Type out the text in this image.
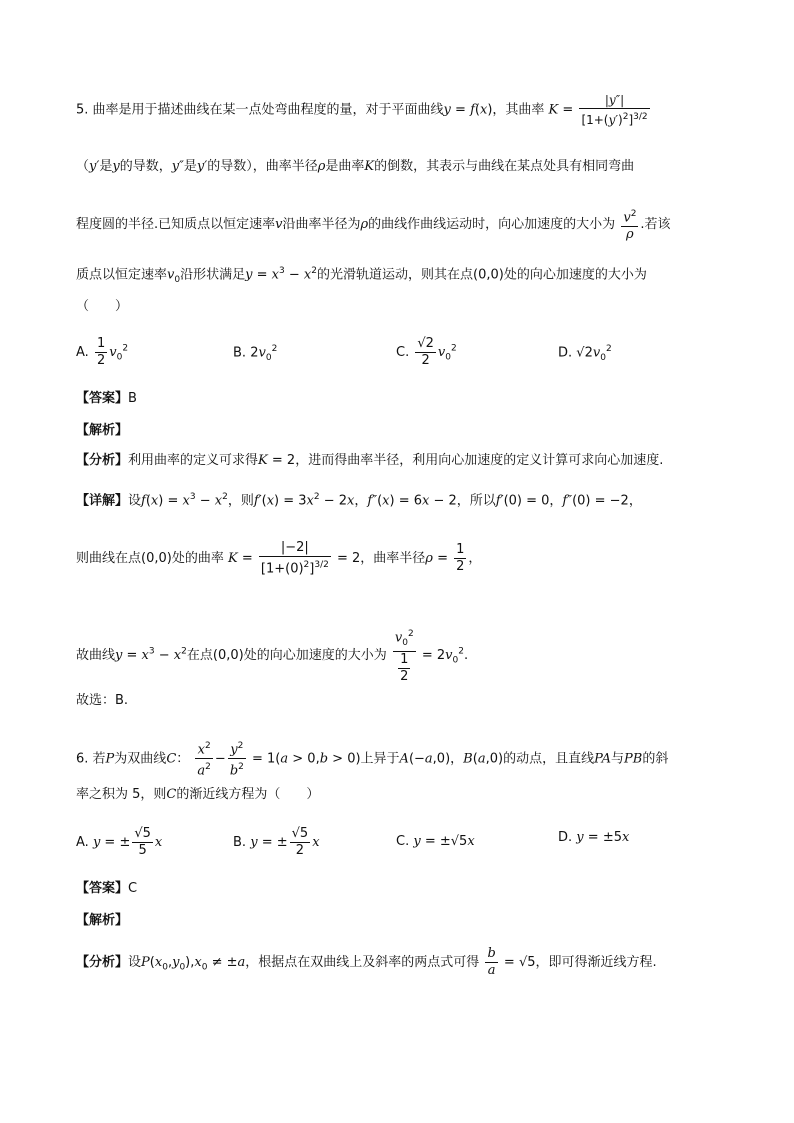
5. 曲率是用于描述曲线在某一点处弯曲程度的量，对于平面曲线y = f(x)，其曲率 $K = \frac{|y''|}{[1+(y')^2]^{3/2}}$
（y′是y的导数，y″是y′的导数），曲率半径ρ是曲率K的倒数，其表示与曲线在某点处具有相同弯曲
程度圆的半径.已知质点以恒定速率v沿曲率半径为ρ的曲线作曲线运动时，向心加速度的大小为 $\frac{v^2}{\rho}$ .若该
质点以恒定速率$v_0$沿形状满足$y = x^3 - x^2$的光滑轨道运动，则其在点(0,0)处的向心加速度的大小为
（　　）
A. $\frac{1}{2} v_0^2$	B. $2v_0^2$	C. $\frac{√2}{2} v_0^2$	D. $√2v_0^2$
【答案】B
【解析】
【分析】利用曲率的定义可求得K = 2，进而得曲率半径，利用向心加速度的定义计算可求向心加速度.
【详解】设$f(x) = x^3 - x^2$，则$f'(x) = 3x^2 - 2x$，f″(x) = 6x − 2，所以f′(0) = 0，f″(0) = −2，
则曲线在点(0,0)处的曲率 $K = \frac{|-2|}{[1+(0)^2]^{3/2}} = 2$，曲率半径$\rho = \frac{1}{2}$ ，
故曲线$y = x^3 - x^2$在点(0,0)处的向心加速度的大小为 $\frac{v_0^2}{\frac{1}{2}} = 2v_0^2$.
故选：B.
6. 若P为双曲线C： $\frac{x^2}{a^2} - \frac{y^2}{b^2} = 1(a > 0,b > 0)$上异于A(−a,0)，B(a,0)的动点，且直线PA与PB的斜
率之积为 5，则C的渐近线方程为（　　）
A. y = ± $\frac{√5}{5}$ x	B. y = ± $\frac{√5}{2}$ x	C. y = ±√5x	D. y = ±5x
【答案】C
【解析】
【分析】设$P(x_0,y_0),x_0 \ne \pm a$，根据点在双曲线上及斜率的两点式可得 $\frac{b}{a} = √5$，即可得渐近线方程.
